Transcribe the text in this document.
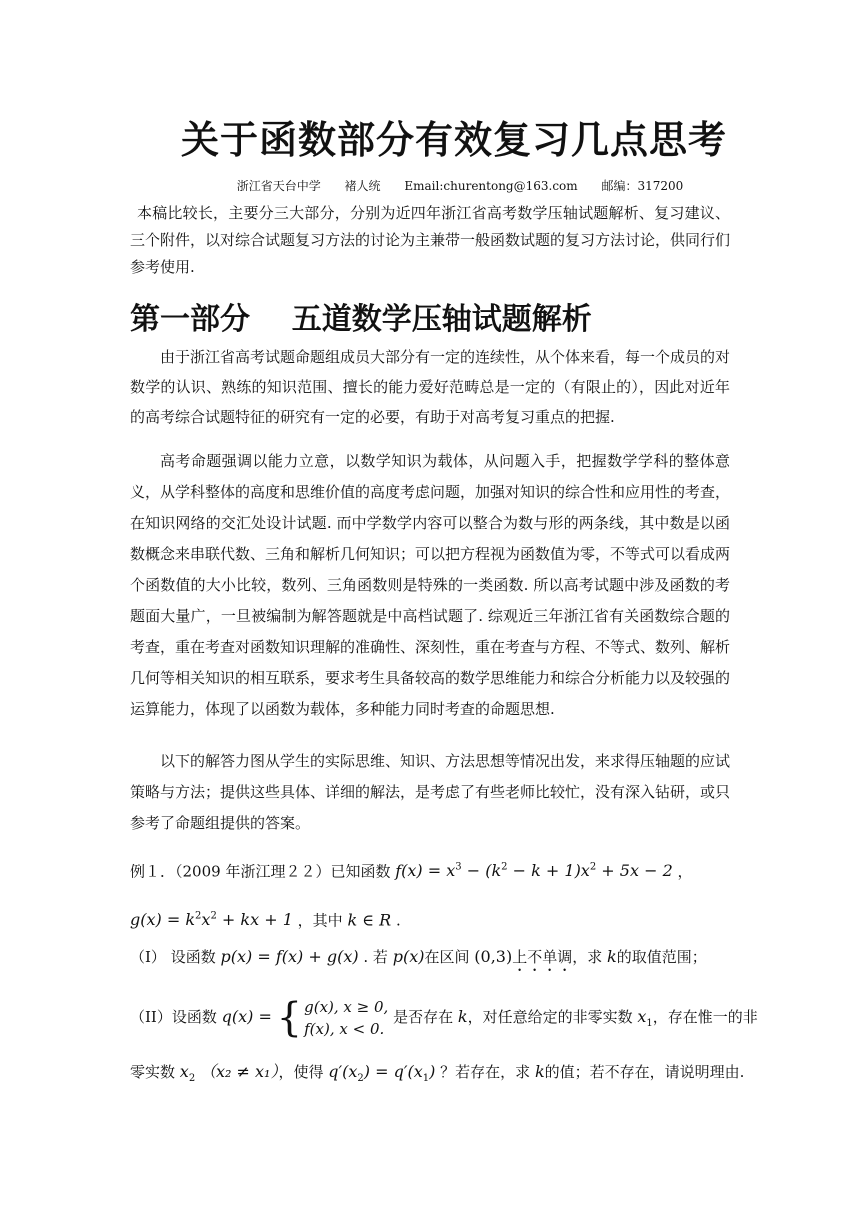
关于函数部分有效复习几点思考
浙江省天台中学 褚人统 Email:churentong@163.com 邮编：317200
本稿比较长，主要分三大部分，分别为近四年浙江省高考数学压轴试题解析、复习建议、三个附件，以对综合试题复习方法的讨论为主兼带一般函数试题的复习方法讨论，供同行们参考使用.
第一部分    五道数学压轴试题解析
由于浙江省高考试题命题组成员大部分有一定的连续性，从个体来看，每一个成员的对数学的认识、熟练的知识范围、擅长的能力爱好范畴总是一定的（有限止的），因此对近年的高考综合试题特征的研究有一定的必要，有助于对高考复习重点的把握.
高考命题强调以能力立意，以数学知识为载体，从问题入手，把握数学学科的整体意义，从学科整体的高度和思维价值的高度考虑问题，加强对知识的综合性和应用性的考查，在知识网络的交汇处设计试题. 而中学数学内容可以整合为数与形的两条线，其中数是以函数概念来串联代数、三角和解析几何知识；可以把方程视为函数值为零，不等式可以看成两个函数值的大小比较，数列、三角函数则是特殊的一类函数. 所以高考试题中涉及函数的考题面大量广，一旦被编制为解答题就是中高档试题了. 综观近三年浙江省有关函数综合题的考查，重在考查对函数知识理解的准确性、深刻性，重在考查与方程、不等式、数列、解析几何等相关知识的相互联系，要求考生具备较高的数学思维能力和综合分析能力以及较强的运算能力，体现了以函数为载体，多种能力同时考查的命题思想.
以下的解答力图从学生的实际思维、知识、方法思想等情况出发，来求得压轴题的应试策略与方法；提供这些具体、详细的解法，是考虑了有些老师比较忙，没有深入钻研，或只参考了命题组提供的答案。
例１．（2009 年浙江理２２）已知函数 $f(x) = x^3 - (k^2 - k + 1)x^2 + 5x - 2$ ，
$g(x) = k^2x^2$ + kx + 1 ，其中 k ∈ R .
（I） 设函数 p(x) = f(x) + g(x) . 若 p(x)在区间 (0,3)上不单调，求 k的取值范围；
（II）设函数 q(x) = { g(x), x ≥ 0,
f(x), x < 0. 是否存在 k，对任意给定的非零实数 $x_1$，存在惟一的非
零实数 $x_2$ （x₂ ≠ x₁），使得 $q'(x_2) = q'(x_1)$ ？若存在，求 k的值；若不存在，请说明理由.
